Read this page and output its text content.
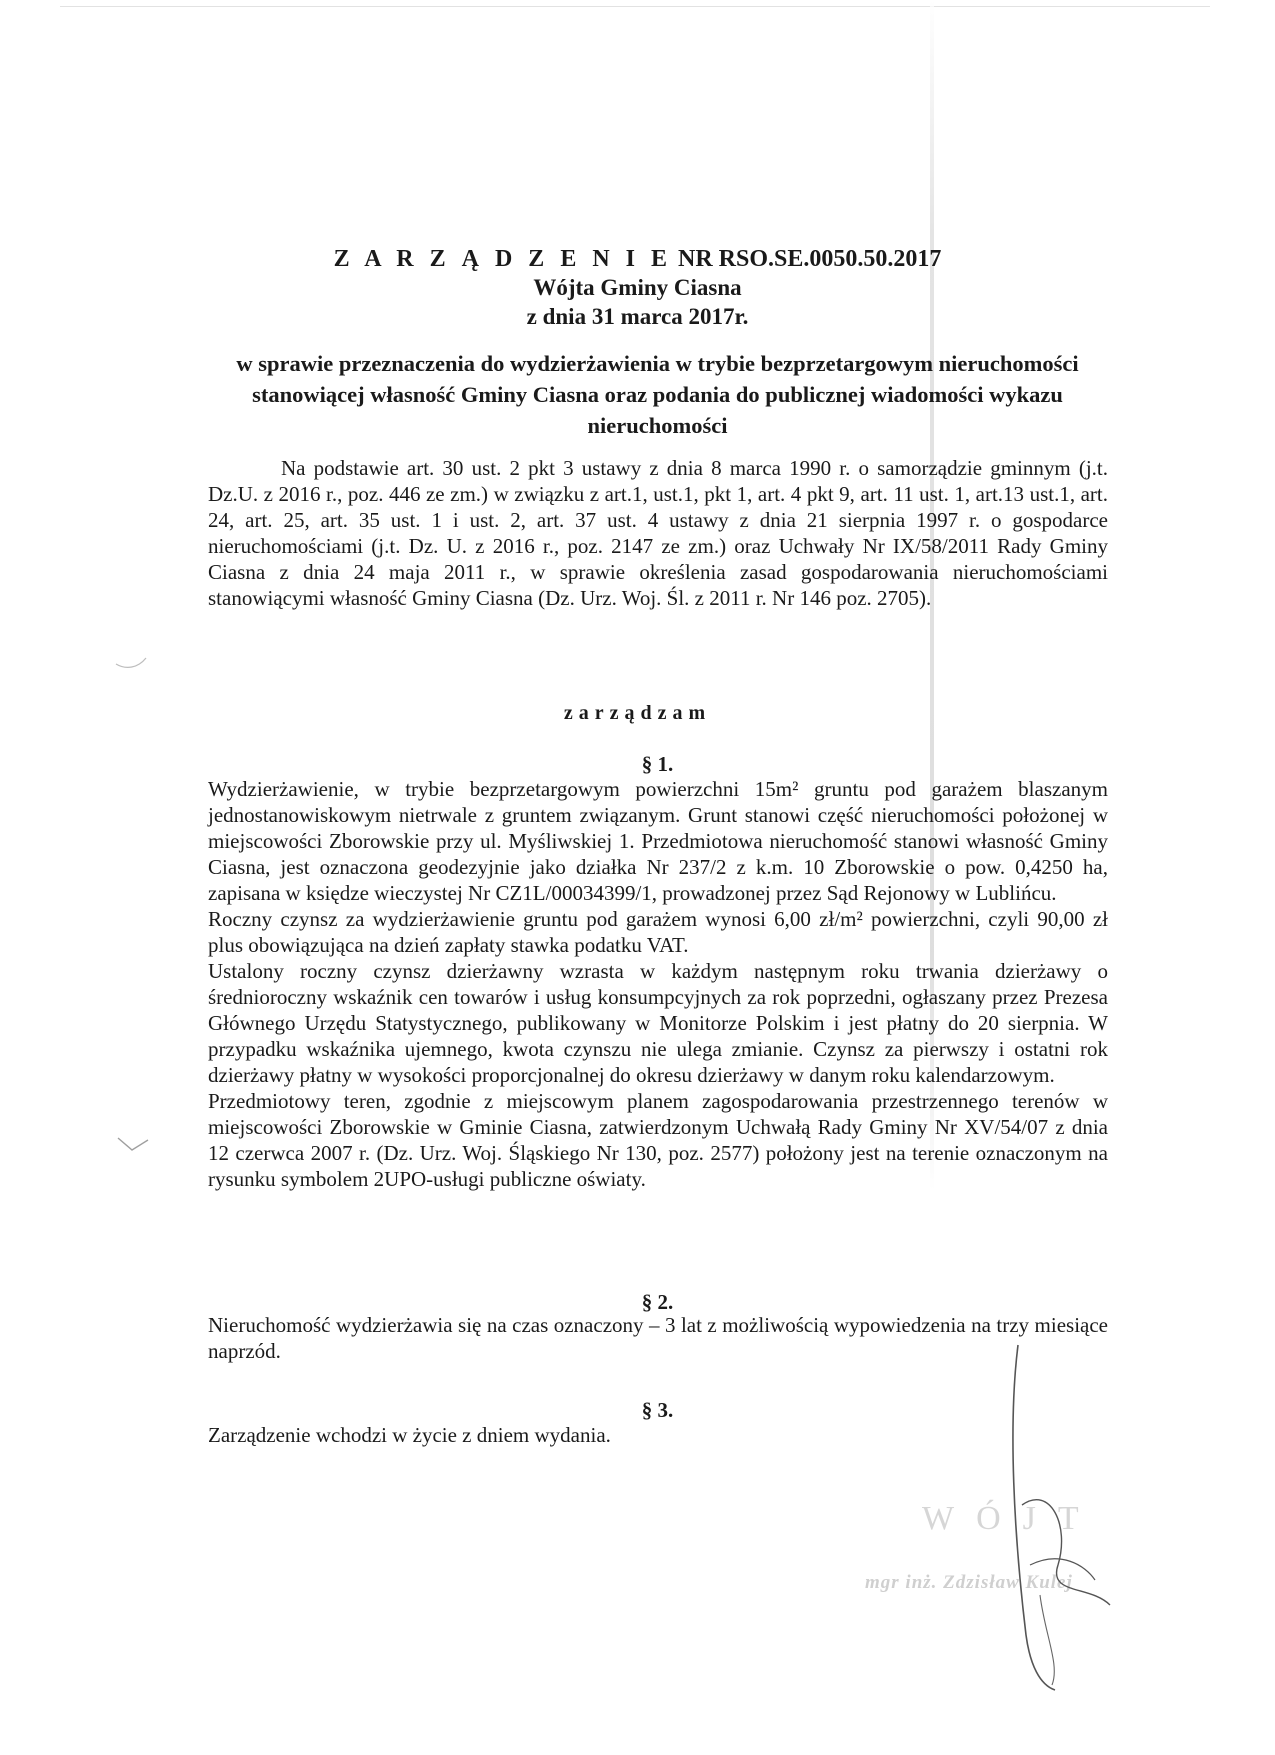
Z A R Z Ą D Z E N I E NR RSO.SE.0050.50.2017
Wójta Gminy Ciasna
z dnia 31 marca 2017r.
w sprawie przeznaczenia do wydzierżawienia w trybie bezprzetargowym nieruchomości stanowiącej własność Gminy Ciasna oraz podania do publicznej wiadomości wykazu nieruchomości
Na podstawie art. 30 ust. 2 pkt 3 ustawy z dnia 8 marca 1990 r. o samorządzie gminnym (j.t. Dz.U. z 2016 r., poz. 446 ze zm.) w związku z art.1, ust.1, pkt 1, art. 4 pkt 9, art. 11 ust. 1, art.13 ust.1, art. 24, art. 25, art. 35 ust. 1 i ust. 2, art. 37 ust. 4 ustawy z dnia 21 sierpnia 1997 r. o gospodarce nieruchomościami (j.t. Dz. U. z 2016 r., poz. 2147 ze zm.) oraz Uchwały Nr IX/58/2011 Rady Gminy Ciasna z dnia 24 maja 2011 r., w sprawie określenia zasad gospodarowania nieruchomościami stanowiącymi własność Gminy Ciasna (Dz. Urz. Woj. Śl. z 2011 r. Nr 146 poz. 2705).
zarządzam
§ 1.

Wydzierżawienie, w trybie bezprzetargowym powierzchni 15m² gruntu pod garażem blaszanym jednostanowiskowym nietrwale z gruntem związanym. Grunt stanowi część nieruchomości położonej w miejscowości Zborowskie przy ul. Myśliwskiej 1. Przedmiotowa nieruchomość stanowi własność Gminy Ciasna, jest oznaczona geodezyjnie jako działka Nr 237/2 z k.m. 10 Zborowskie o pow. 0,4250 ha, zapisana w księdze wieczystej Nr CZ1L/00034399/1, prowadzonej przez Sąd Rejonowy w Lublińcu.

Roczny czynsz za wydzierżawienie gruntu pod garażem wynosi 6,00 zł/m² powierzchni, czyli 90,00 zł plus obowiązująca na dzień zapłaty stawka podatku VAT.

Ustalony roczny czynsz dzierżawny wzrasta w każdym następnym roku trwania dzierżawy o średnioroczny wskaźnik cen towarów i usług konsumpcyjnych za rok poprzedni, ogłaszany przez Prezesa Głównego Urzędu Statystycznego, publikowany w Monitorze Polskim i jest płatny do 20 sierpnia. W przypadku wskaźnika ujemnego, kwota czynszu nie ulega zmianie. Czynsz za pierwszy i ostatni rok dzierżawy płatny w wysokości proporcjonalnej do okresu dzierżawy w danym roku kalendarzowym.

Przedmiotowy teren, zgodnie z miejscowym planem zagospodarowania przestrzennego terenów w miejscowości Zborowskie w Gminie Ciasna, zatwierdzonym Uchwałą Rady Gminy Nr XV/54/07 z dnia 12 czerwca 2007 r. (Dz. Urz. Woj. Śląskiego Nr 130, poz. 2577) położony jest na terenie oznaczonym na rysunku symbolem 2UPO-usługi publiczne oświaty.

§ 2.
Nieruchomość wydzierżawia się na czas oznaczony – 3 lat z możliwością wypowiedzenia na trzy miesiące naprzód.
§ 3.
Zarządzenie wchodzi w życie z dniem wydania.
WÓJT
mgr inż. Zdzisław Kulej
